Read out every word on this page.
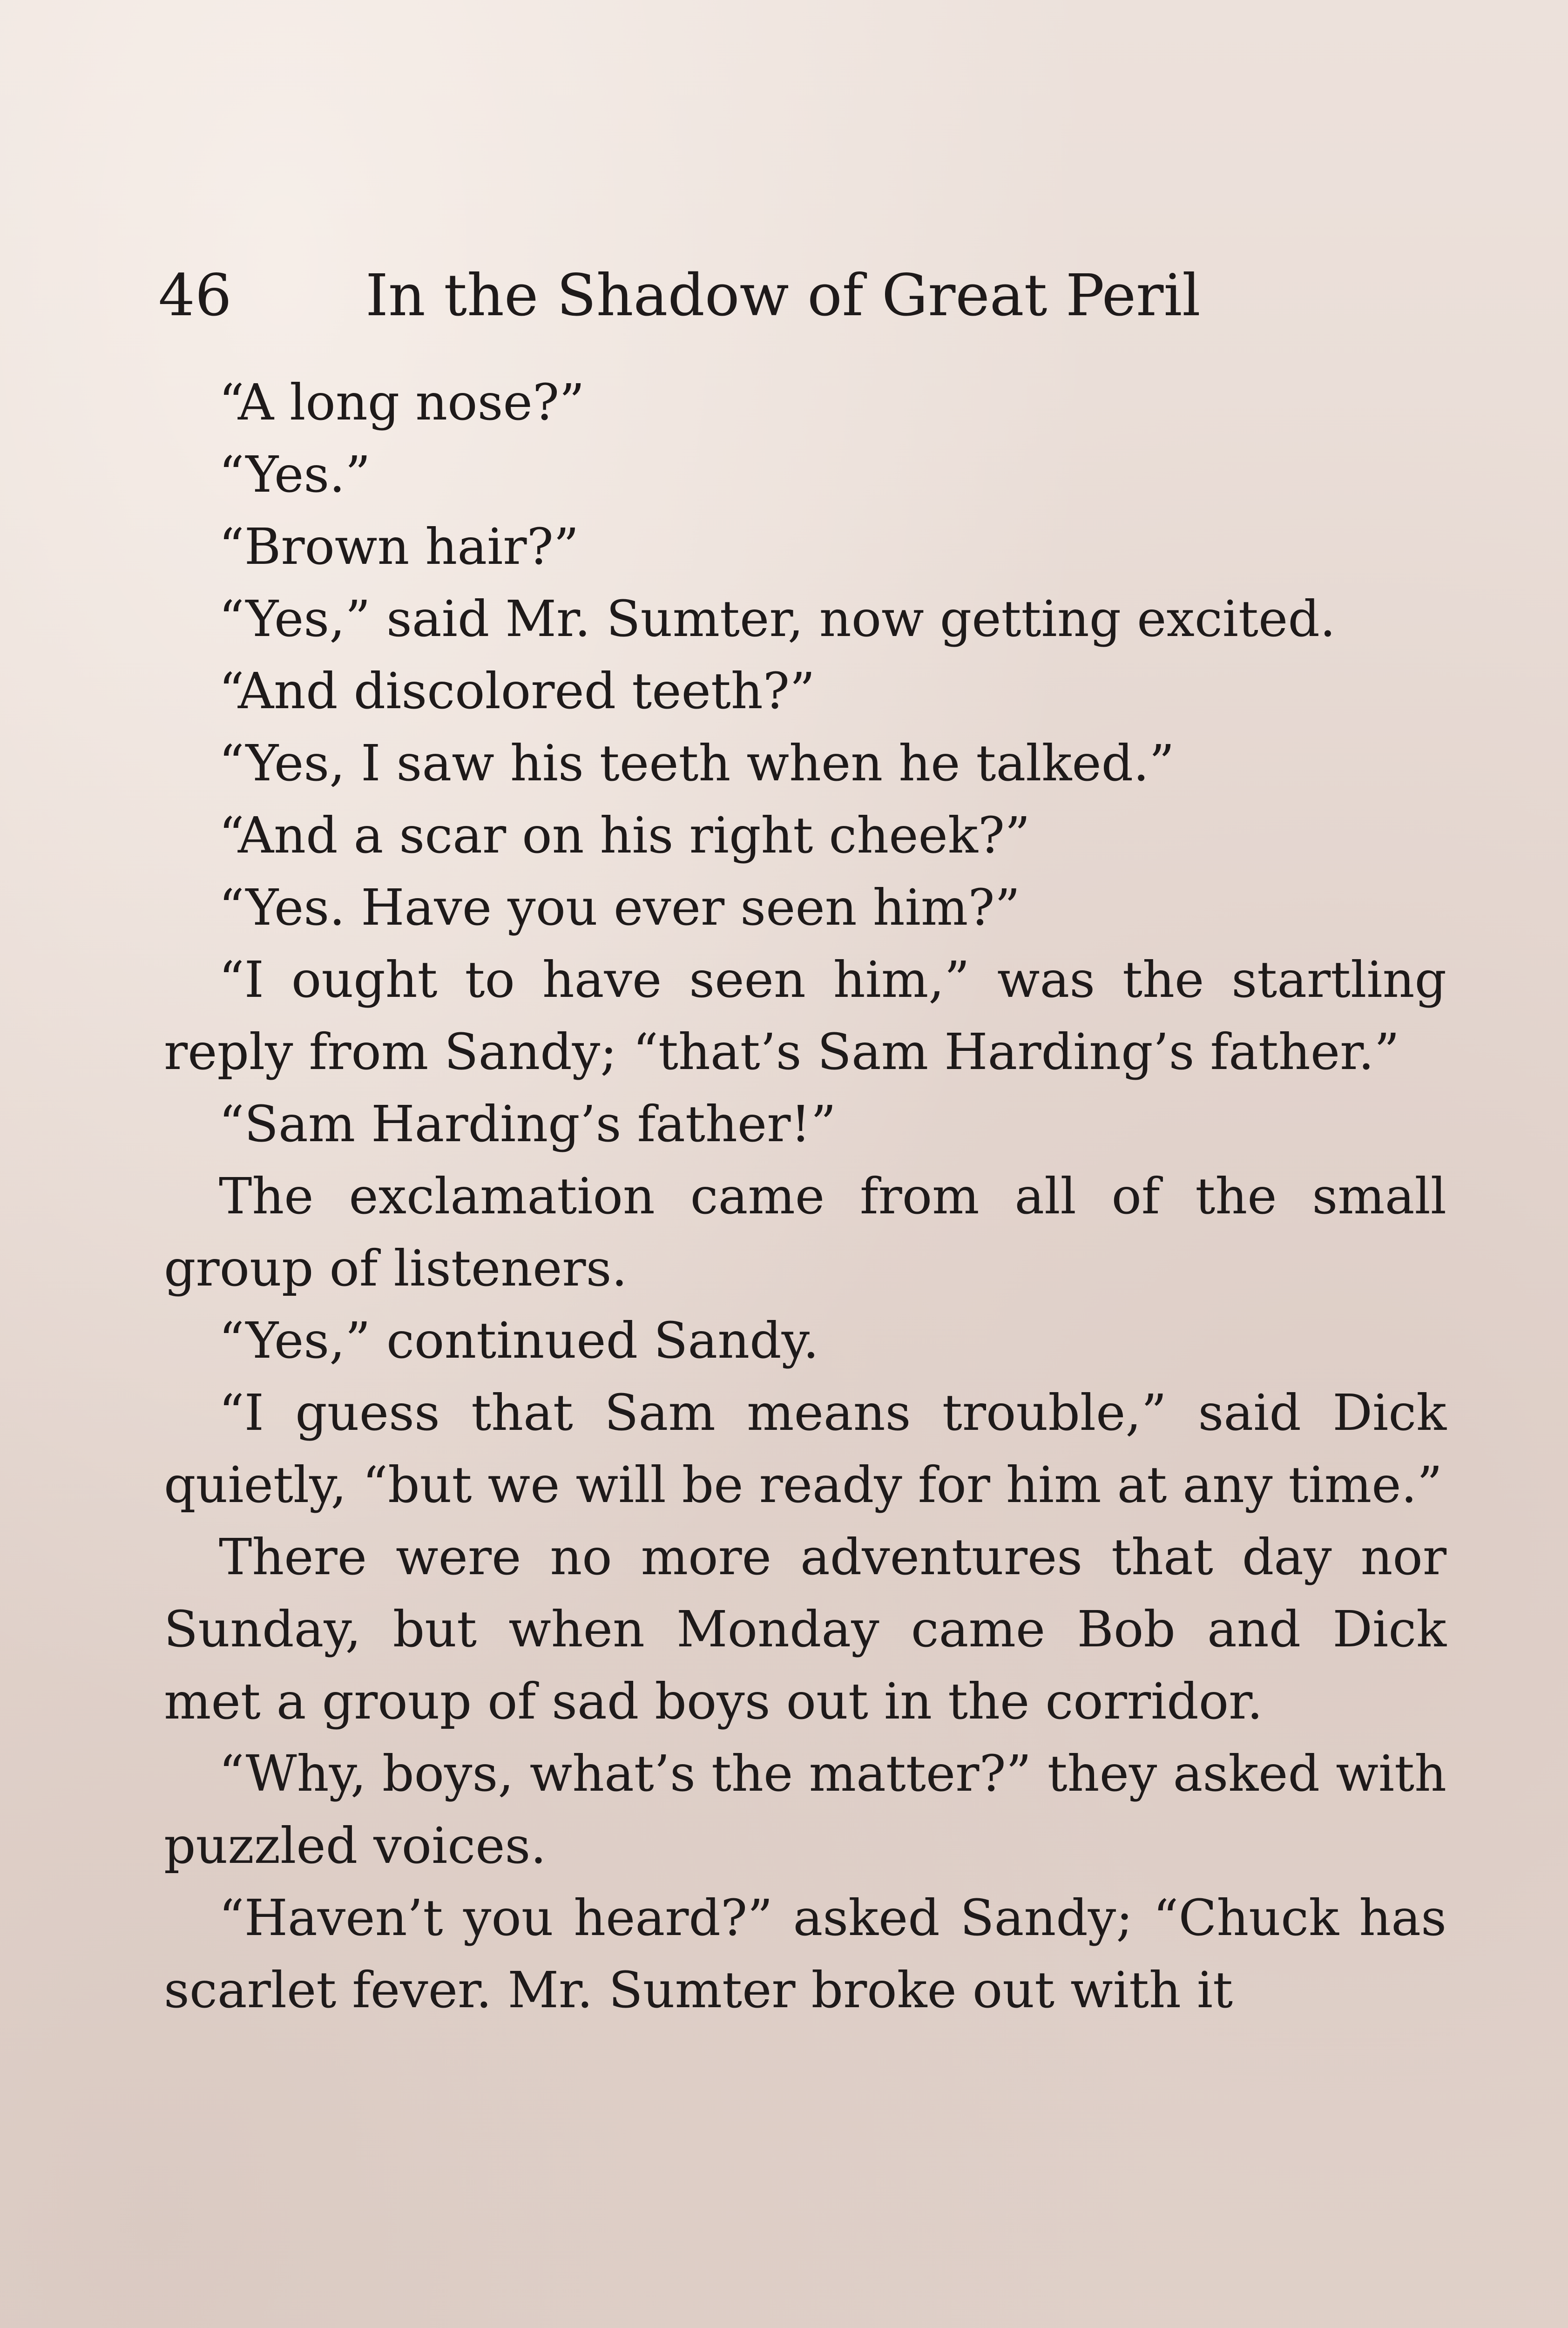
46 In the Shadow of Great Peril

“A long nose?”

“Yes.”

“Brown hair?”

“Yes,” said Mr. Sumter, now getting excited.

“And discolored teeth?”

“Yes, I saw his teeth when he talked.”

“And a scar on his right cheek?”

“Yes. Have you ever seen him?”

“I ought to have seen him,” was the startling reply from Sandy; “that’s Sam Harding’s father.”

“Sam Harding’s father!”

The exclamation came from all of the small group of listeners.

“Yes,” continued Sandy.

“I guess that Sam means trouble,” said Dick quietly, “but we will be ready for him at any time.”

There were no more adventures that day nor Sunday, but when Monday came Bob and Dick met a group of sad boys out in the corridor.

“Why, boys, what’s the matter?” they asked with puzzled voices.

“Haven’t you heard?” asked Sandy; “Chuck has scarlet fever. Mr. Sumter broke out with it
